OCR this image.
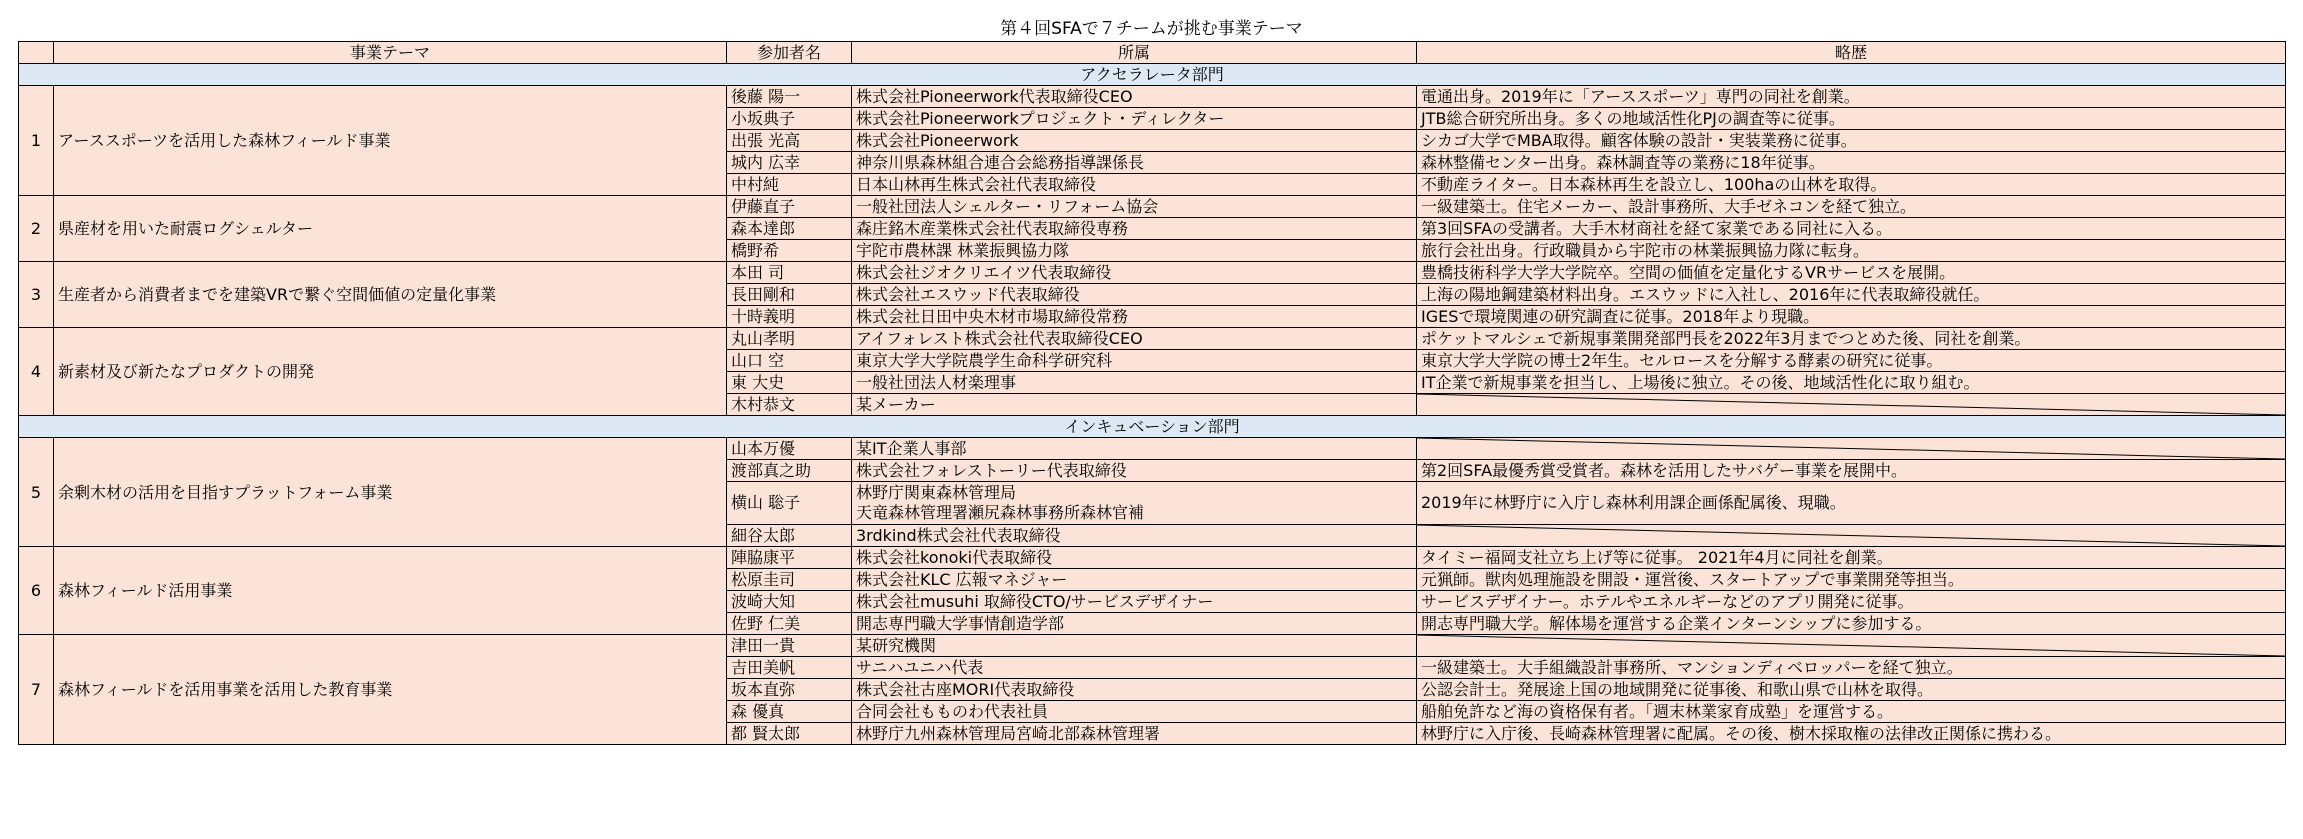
第４回SFAで７チームが挑む事業テーマ
	事業テーマ	参加者名	所属	略歴
アクセラレータ部門				
1	アーススポーツを活用した森林フィールド事業	後藤 陽一	株式会社Pioneerwork代表取締役CEO	電通出身。2019年に「アーススポーツ」専門の同社を創業。
		小坂典子	株式会社Pioneerworkプロジェクト・ディレクター	JTB総合研究所出身。多くの地域活性化PJの調査等に従事。
		出張 光高	株式会社Pioneerwork	シカゴ大学でMBA取得。顧客体験の設計・実装業務に従事。
		城内 広幸	神奈川県森林組合連合会総務指導課係長	森林整備センター出身。森林調査等の業務に18年従事。
		中村純	日本山林再生株式会社代表取締役	不動産ライター。日本森林再生を設立し、100haの山林を取得。
2	県産材を用いた耐震ログシェルター	伊藤直子	一般社団法人シェルター・リフォーム協会	一級建築士。住宅メーカー、設計事務所、大手ゼネコンを経て独立。
		森本達郎	森庄銘木産業株式会社代表取締役専務	第3回SFAの受講者。大手木材商社を経て家業である同社に入る。
		橋野希	宇陀市農林課 林業振興協力隊	旅行会社出身。行政職員から宇陀市の林業振興協力隊に転身。
3	生産者から消費者までを建築VRで繋ぐ空間価値の定量化事業	本田 司	株式会社ジオクリエイツ代表取締役	豊橋技術科学大学大学院卒。空間の価値を定量化するVRサービスを展開。
		長田剛和	株式会社エスウッド代表取締役	上海の陽地鋼建築材料出身。エスウッドに入社し、2016年に代表取締役就任。
		十時義明	株式会社日田中央木材市場取締役常務	IGESで環境関連の研究調査に従事。2018年より現職。
4	新素材及び新たなプロダクトの開発	丸山孝明	アイフォレスト株式会社代表取締役CEO	ポケットマルシェで新規事業開発部門長を2022年3月までつとめた後、同社を創業。
		山口 空	東京大学大学院農学生命科学研究科	東京大学大学院の博士2年生。セルロースを分解する酵素の研究に従事。
		東 大史	一般社団法人材楽理事	IT企業で新規事業を担当し、上場後に独立。その後、地域活性化に取り組む。
		木村恭文	某メーカー	

インキュベーション部門				
5	余剰木材の活用を目指すプラットフォーム事業	山本万優	某IT企業人事部	

		渡部真之助	株式会社フォレストーリー代表取締役	第2回SFA最優秀賞受賞者。森林を活用したサバゲー事業を展開中。
		横山 聡子	林野庁関東森林管理局
天竜森林管理署瀬尻森林事務所森林官補	2019年に林野庁に入庁し森林利用課企画係配属後、現職。
		細谷太郎	3rdkind株式会社代表取締役	

6	森林フィールド活用事業	陣脇康平	株式会社konoki代表取締役	タイミー福岡支社立ち上げ等に従事。 2021年4月に同社を創業。
		松原圭司	株式会社KLC 広報マネジャー	元猟師。獣肉処理施設を開設・運営後、スタートアップで事業開発等担当。
		波崎大知	株式会社musuhi 取締役CTO/サービスデザイナー	サービスデザイナー。ホテルやエネルギーなどのアプリ開発に従事。
		佐野 仁美	開志専門職大学事情創造学部	開志専門職大学。解体場を運営する企業インターンシップに参加する。
7	森林フィールドを活用事業を活用した教育事業	津田一貴	某研究機関	

		吉田美帆	サニハユニハ代表	一級建築士。大手組織設計事務所、マンションディベロッパーを経て独立。
		坂本直弥	株式会社古座MORI代表取締役	公認会計士。発展途上国の地域開発に従事後、和歌山県で山林を取得。
		森 優真	合同会社もものわ代表社員	船舶免許など海の資格保有者。「週末林業家育成塾」を運営する。
		都 賢太郎	林野庁九州森林管理局宮崎北部森林管理署	林野庁に入庁後、長崎森林管理署に配属。その後、樹木採取権の法律改正関係に携わる。
